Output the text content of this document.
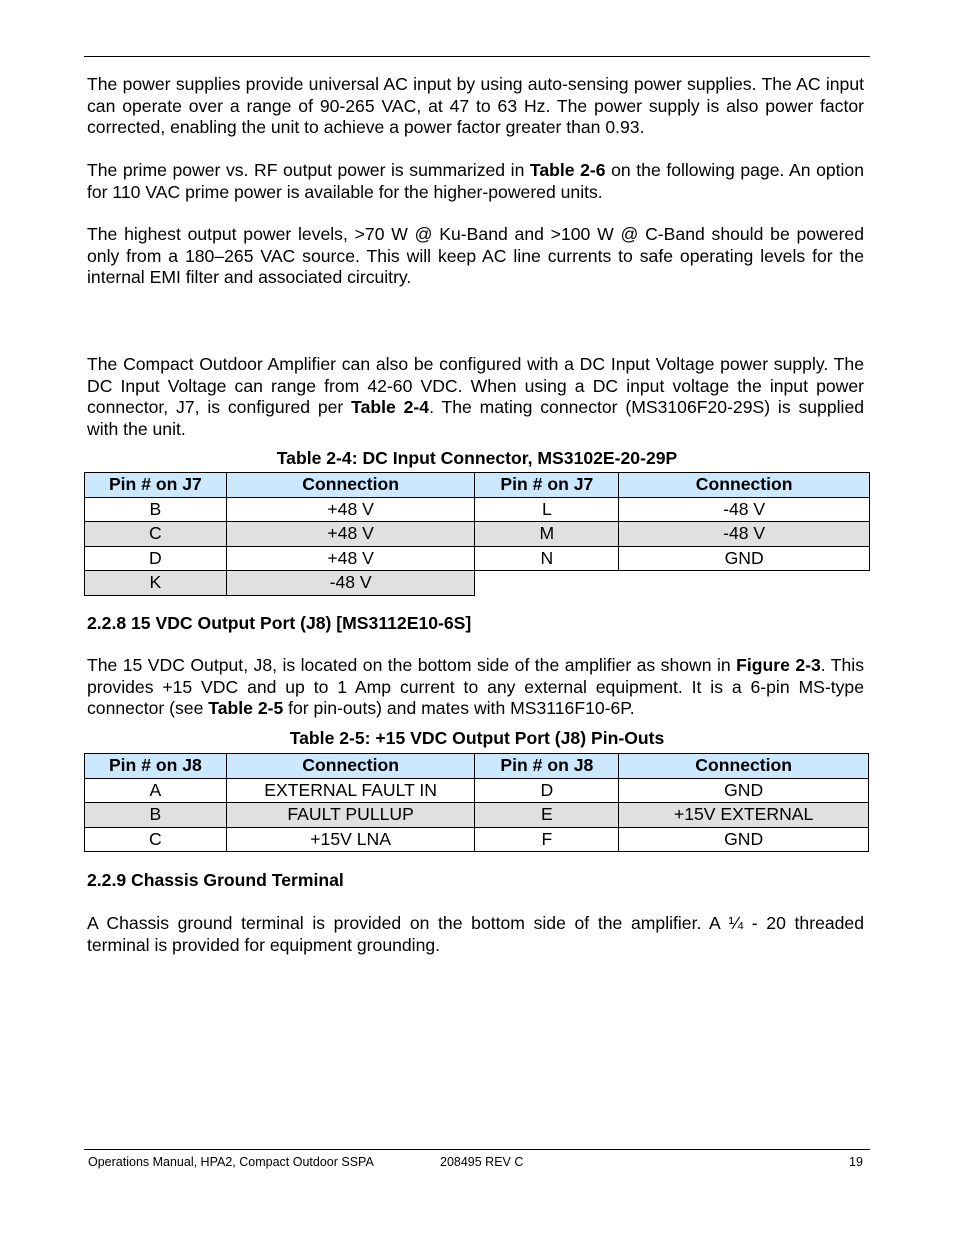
The power supplies provide universal AC input by using auto-sensing power supplies. The AC input can operate over a range of 90-265 VAC, at 47 to 63 Hz. The power supply is also power factor corrected, enabling the unit to achieve a power factor greater than 0.93.

The prime power vs. RF output power is summarized in Table 2-6 on the following page. An option for 110 VAC prime power is available for the higher-powered units.

The highest output power levels, >70 W @ Ku-Band and >100 W @ C-Band should be powered only from a 180–265 VAC source. This will keep AC line currents to safe operating levels for the internal EMI filter and associated circuitry.

The Compact Outdoor Amplifier can also be configured with a DC Input Voltage power supply. The DC Input Voltage can range from 42-60 VDC. When using a DC input voltage the input power connector, J7, is configured per Table 2-4. The mating connector (MS3106F20-29S) is supplied with the unit.

Table 2-4: DC Input Connector, MS3102E-20-29P
Pin # on J7	Connection	Pin # on J7	Connection
B	+48 V	L	-48 V
C	+48 V	M	-48 V
D	+48 V	N	GND
K	-48 V		
2.2.8 15 VDC Output Port (J8) [MS3112E10-6S]

The 15 VDC Output, J8, is located on the bottom side of the amplifier as shown in Figure 2-3. This provides +15 VDC and up to 1 Amp current to any external equipment. It is a 6-pin MS-type connector (see Table 2-5 for pin-outs) and mates with MS3116F10-6P.

Table 2-5: +15 VDC Output Port (J8) Pin-Outs
Pin # on J8	Connection	Pin # on J8	Connection
A	EXTERNAL FAULT IN	D	GND
B	FAULT PULLUP	E	+15V EXTERNAL
C	+15V LNA	F	GND
2.2.9 Chassis Ground Terminal

A Chassis ground terminal is provided on the bottom side of the amplifier. A ¼ - 20 threaded terminal is provided for equipment grounding.

Operations Manual, HPA2, Compact Outdoor SSPA	208495 REV C	19
